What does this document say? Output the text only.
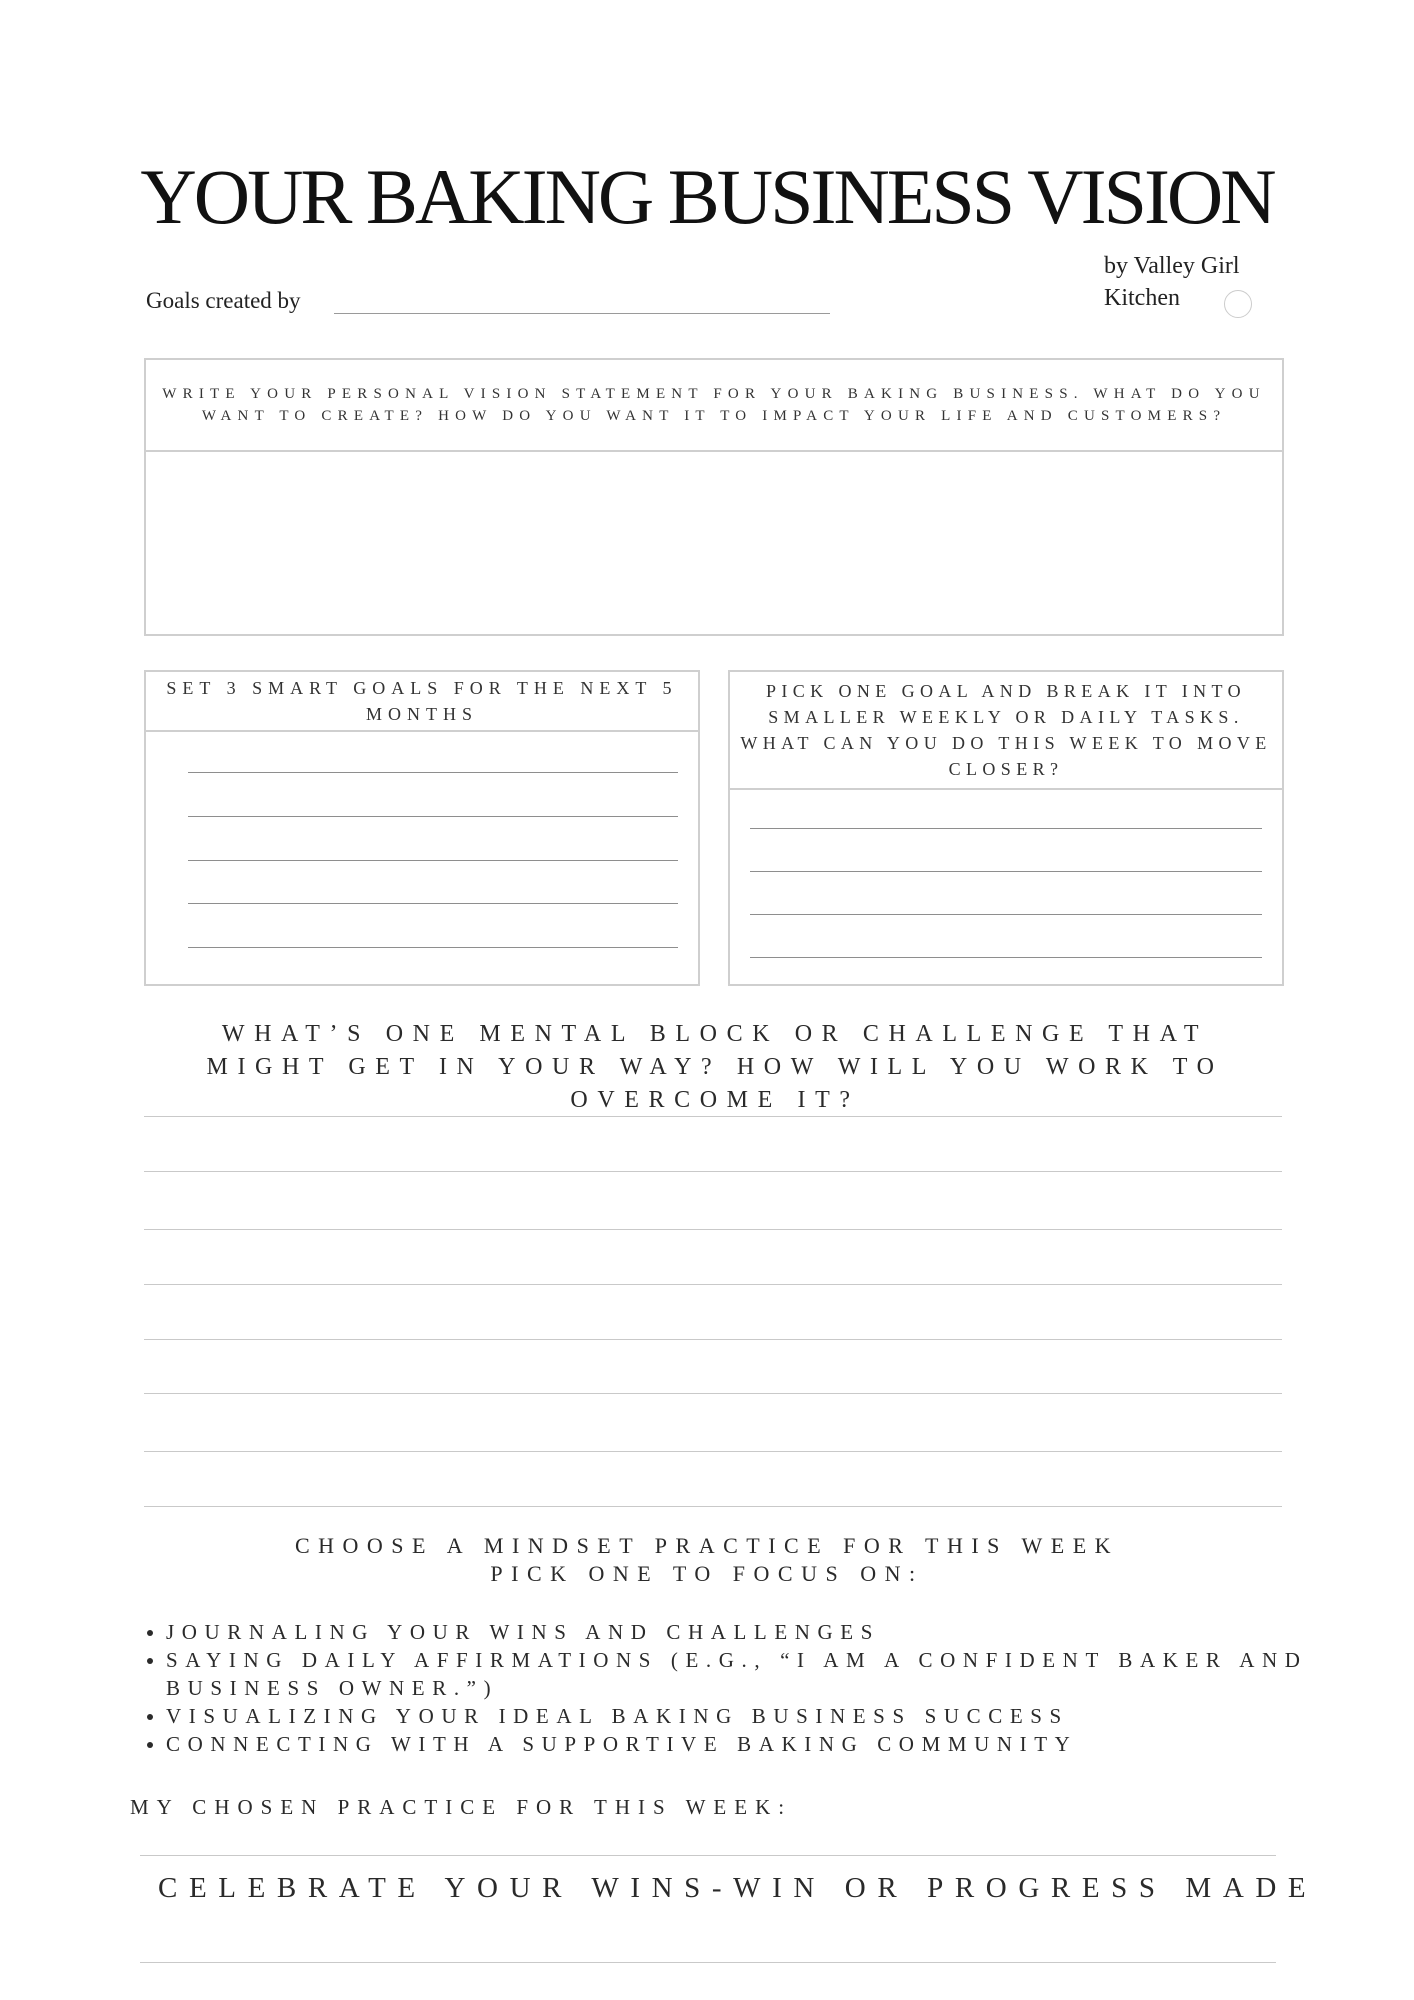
YOUR BAKING BUSINESS VISION
by Valley Girl
Kitchen
Goals created by
WRITE YOUR PERSONAL VISION STATEMENT FOR YOUR BAKING BUSINESS. WHAT DO YOU WANT TO CREATE? HOW DO YOU WANT IT TO IMPACT YOUR LIFE AND CUSTOMERS?
SET 3 SMART GOALS FOR THE NEXT 5 MONTHS
PICK ONE GOAL AND BREAK IT INTO SMALLER WEEKLY OR DAILY TASKS. WHAT CAN YOU DO THIS WEEK TO MOVE CLOSER?
WHAT’S ONE MENTAL BLOCK OR CHALLENGE THAT MIGHT GET IN YOUR WAY? HOW WILL YOU WORK TO OVERCOME IT?
CHOOSE A MINDSET PRACTICE FOR THIS WEEK
PICK ONE TO FOCUS ON:
• JOURNALING YOUR WINS AND CHALLENGES
• SAYING DAILY AFFIRMATIONS (E.G., “I AM A CONFIDENT BAKER AND BUSINESS OWNER.”)
• VISUALIZING YOUR IDEAL BAKING BUSINESS SUCCESS
• CONNECTING WITH A SUPPORTIVE BAKING COMMUNITY
MY CHOSEN PRACTICE FOR THIS WEEK:
CELEBRATE YOUR WINS-WIN OR PROGRESS MADE
